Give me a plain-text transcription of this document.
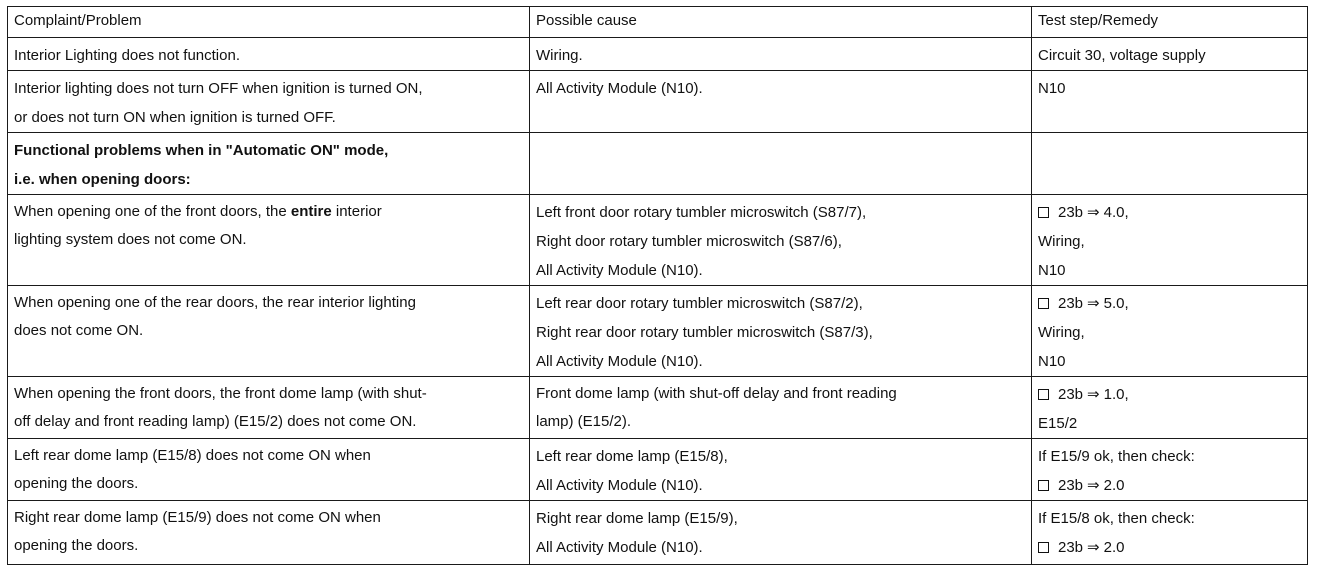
Complaint/Problem	Possible cause	Test step/Remedy

Interior Lighting does not function.	Wiring.	Circuit 30, voltage supply

Interior lighting does not turn OFF when ignition is turned ON,
or does not turn ON when ignition is turned OFF.	All Activity Module (N10).	N10

Functional problems when in "Automatic ON" mode,
i.e. when opening doors:		

When opening one of the front doors, the entire interior
lighting system does not come ON.	Left front door rotary tumbler microswitch (S87/7),
Right door rotary tumbler microswitch (S87/6),
All Activity Module (N10).	23b ⇒ 4.0,
Wiring,
N10

When opening one of the rear doors, the rear interior lighting
does not come ON.	Left rear door rotary tumbler microswitch (S87/2),
Right rear door rotary tumbler microswitch (S87/3),
All Activity Module (N10).	23b ⇒ 5.0,
Wiring,
N10

When opening the front doors, the front dome lamp (with shut-
off delay and front reading lamp) (E15/2) does not come ON.	Front dome lamp (with shut-off delay and front reading
lamp) (E15/2).	23b ⇒ 1.0,
E15/2

Left rear dome lamp (E15/8) does not come ON when
opening the doors.	Left rear dome lamp (E15/8),
All Activity Module (N10).	If E15/9 ok, then check:
23b ⇒ 2.0

Right rear dome lamp (E15/9) does not come ON when
opening the doors.	Right rear dome lamp (E15/9),
All Activity Module (N10).	If E15/8 ok, then check:
23b ⇒ 2.0
